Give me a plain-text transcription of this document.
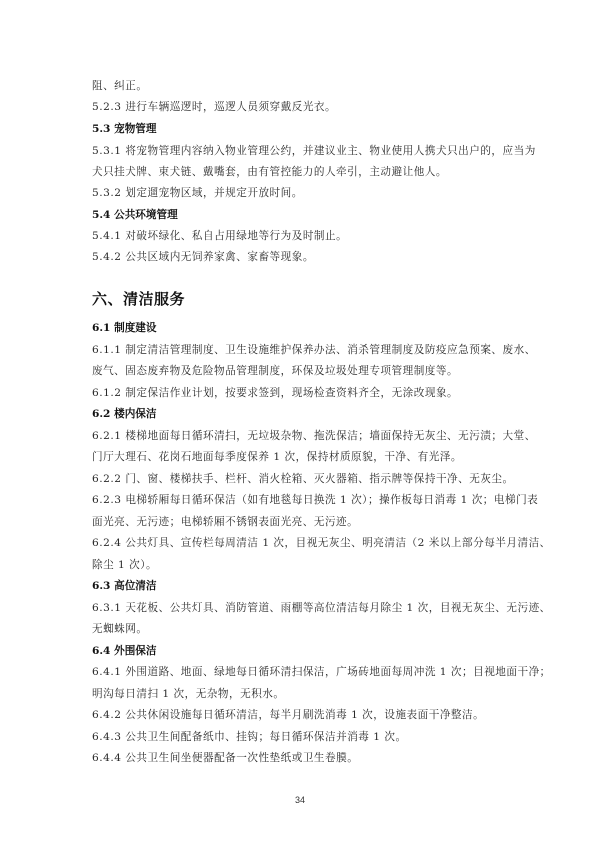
阻、纠正。
5.2.3 进行车辆巡逻时，巡逻人员须穿戴反光衣。
5.3 宠物管理
5.3.1 将宠物管理内容纳入物业管理公约，并建议业主、物业使用人携犬只出户的，应当为
犬只挂犬牌、束犬链、戴嘴套，由有管控能力的人牵引，主动避让他人。
5.3.2 划定遛宠物区域，并规定开放时间。
5.4 公共环境管理
5.4.1 对破坏绿化、私自占用绿地等行为及时制止。
5.4.2 公共区域内无饲养家禽、家畜等现象。
六、清洁服务
6.1 制度建设
6.1.1 制定清洁管理制度、卫生设施维护保养办法、消杀管理制度及防疫应急预案、废水、
废气、固态废弃物及危险物品管理制度，环保及垃圾处理专项管理制度等。
6.1.2 制定保洁作业计划，按要求签到，现场检查资料齐全，无涂改现象。
6.2 楼内保洁
6.2.1 楼梯地面每日循环清扫，无垃圾杂物、拖洗保洁；墙面保持无灰尘、无污渍；大堂、
门厅大理石、花岗石地面每季度保养 1 次，保持材质原貌，干净、有光泽。
6.2.2 门、窗、楼梯扶手、栏杆、消火栓箱、灭火器箱、指示牌等保持干净、无灰尘。
6.2.3 电梯轿厢每日循环保洁（如有地毯每日换洗 1 次）；操作板每日消毒 1 次；电梯门表
面光亮、无污迹；电梯轿厢不锈钢表面光亮、无污迹。
6.2.4 公共灯具、宣传栏每周清洁 1 次，目视无灰尘、明亮清洁（2 米以上部分每半月清洁、
除尘 1 次）。
6.3 高位清洁
6.3.1 天花板、公共灯具、消防管道、雨棚等高位清洁每月除尘 1 次，目视无灰尘、无污迹、
无蜘蛛网。
6.4 外围保洁
6.4.1 外围道路、地面、绿地每日循环清扫保洁，广场砖地面每周冲洗 1 次；目视地面干净；
明沟每日清扫 1 次，无杂物，无积水。
6.4.2 公共休闲设施每日循环清洁，每半月刷洗消毒 1 次，设施表面干净整洁。
6.4.3 公共卫生间配备纸巾、挂钩；每日循环保洁并消毒 1 次。
6.4.4 公共卫生间坐便器配备一次性垫纸或卫生卷膜。
34
